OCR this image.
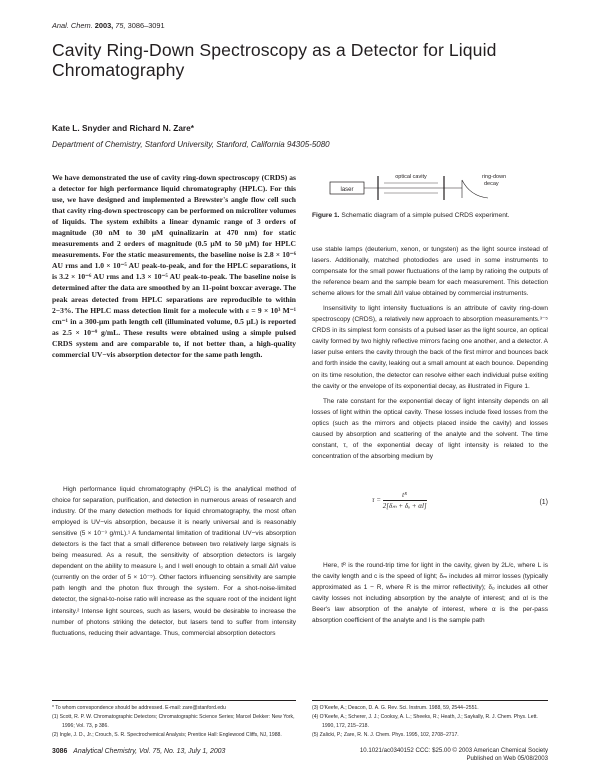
Anal. Chem. 2003, 75, 3086–3091
Cavity Ring-Down Spectroscopy as a Detector for Liquid Chromatography
Kate L. Snyder and Richard N. Zare*
Department of Chemistry, Stanford University, Stanford, California 94305-5080
We have demonstrated the use of cavity ring-down spectroscopy (CRDS) as a detector for high performance liquid chromatography (HPLC). For this use, we have designed and implemented a Brewster's angle flow cell such that cavity ring-down spectroscopy can be performed on microliter volumes of liquids. The system exhibits a linear dynamic range of 3 orders of magnitude (30 nM to 30 μM quinalizarin at 470 nm) for static measurements and 2 orders of magnitude (0.5 μM to 50 μM) for HPLC measurements. For the static measurements, the baseline noise is 2.8 × 10⁻⁶ AU rms and 1.0 × 10⁻⁵ AU peak-to-peak, and for the HPLC separations, it is 3.2 × 10⁻⁶ AU rms and 1.3 × 10⁻⁵ AU peak-to-peak. The baseline noise is determined after the data are smoothed by an 11-point boxcar average. The peak areas detected from HPLC separations are reproducible to within 2−3%. The HPLC mass detection limit for a molecule with ε = 9 × 10³ M⁻¹ cm⁻¹ in a 300-μm path length cell (illuminated volume, 0.5 μL) is reported as 2.5 × 10⁻⁹ g/mL. These results were obtained using a simple pulsed CRDS system and are comparable to, if not better than, a high-quality commercial UV−vis absorption detector for the same path length.

High performance liquid chromatography (HPLC) is the analytical method of choice for separation, purification, and detection in numerous areas of research and industry. Of the many detection methods for liquid chromatography, the most often employed is UV−vis absorption, because it is nearly universal and is reasonably sensitive (5 × 10⁻⁹ g/mL).¹ A fundamental limitation of traditional UV−vis absorption detectors is the fact that a small difference between two relatively large signals is being measured. As a result, the sensitivity of absorption detectors is largely dependent on the ability to measure I₀ and I well enough to obtain a small ΔI/I value (currently on the order of 5 × 10⁻⁵). Other factors influencing sensitivity are sample path length and the photon flux through the system. For a shot-noise-limited detector, the signal-to-noise ratio will increase as the square root of the incident light intensity.² Intense light sources, such as lasers, would be desirable to increase the number of photons striking the detector, but lasers tend to suffer from intensity fluctuations, reducing their advantage. Thus, commercial absorption detectors

laser
optical cavity	ring-down
decay
Figure 1. Schematic diagram of a simple pulsed CRDS experiment.

use stable lamps (deuterium, xenon, or tungsten) as the light source instead of lasers. Additionally, matched photodiodes are used in some instruments to compensate for the small power fluctuations of the lamp by ratioing the outputs of the reference beam and the sample beam for each measurement. This detection scheme allows for the small ΔI/I value obtained by commercial instruments.

Insensitivity to light intensity fluctuations is an attribute of cavity ring-down spectroscopy (CRDS), a relatively new approach to absorption measurements.³⁻⁵ CRDS in its simplest form consists of a pulsed laser as the light source, an optical cavity formed by two highly reflective mirrors facing one another, and a detector. A laser pulse enters the cavity through the back of the first mirror and bounces back and forth inside the cavity, leaking out a small amount at each bounce. Depending on its time resolution, the detector can resolve either each individual pulse exiting the cavity or the envelope of its exponential decay, as illustrated in Figure 1.

The rate constant for the exponential decay of light intensity depends on all losses of light within the optical cavity. These losses include fixed losses from the optics (such as the mirrors and objects placed inside the cavity) and losses caused by absorption and scattering of the analyte and the solvent. The time constant, τ, of the exponential decay of light intensity is related to the concentration of the absorbing medium by

$\tau = \frac{\text{tᴿ}}{\text{2[δₘ + δₒ + αl]}}$	(1)

Here, tᴿ is the round-trip time for light in the cavity, given by 2L/c, where L is the cavity length and c is the speed of light; δₘ includes all mirror losses (typically approximated as 1 − R, where R is the mirror reflectivity); δₒ includes all other cavity losses not including absorption by the analyte of interest; and αl is the Beer's law absorption of the analyte of interest, where α is the per-pass absorption coefficient of the analyte and l is the sample path

* To whom correspondence should be addressed. E-mail: zare@stanford.edu
(1) Scott, R. P. W. Chromatographic Detectors; Chromatographic Science Series; Marcel Dekker: New York, 1996; Vol. 73, p 386.
(2) Ingle, J. D., Jr.; Crouch, S. R. Spectrochemical Analysis; Prentice Hall: Englewood Cliffs, NJ, 1988.
(3) O'Keefe, A.; Deacon, D. A. G. Rev. Sci. Instrum. 1988, 59, 2544−2551.
(4) O'Keefe, A.; Scherer, J. J.; Cooksy, A. L.; Sheeks, R.; Heath, J.; Saykally, R. J. Chem. Phys. Lett. 1990, 172, 215−218.
(5) Zalicki, P.; Zare, R. N. J. Chem. Phys. 1995, 102, 2708−2717.
3086 Analytical Chemistry, Vol. 75, No. 13, July 1, 2003	10.1021/ac0340152 CCC: $25.00 © 2003 American Chemical Society
Published on Web 05/08/2003
